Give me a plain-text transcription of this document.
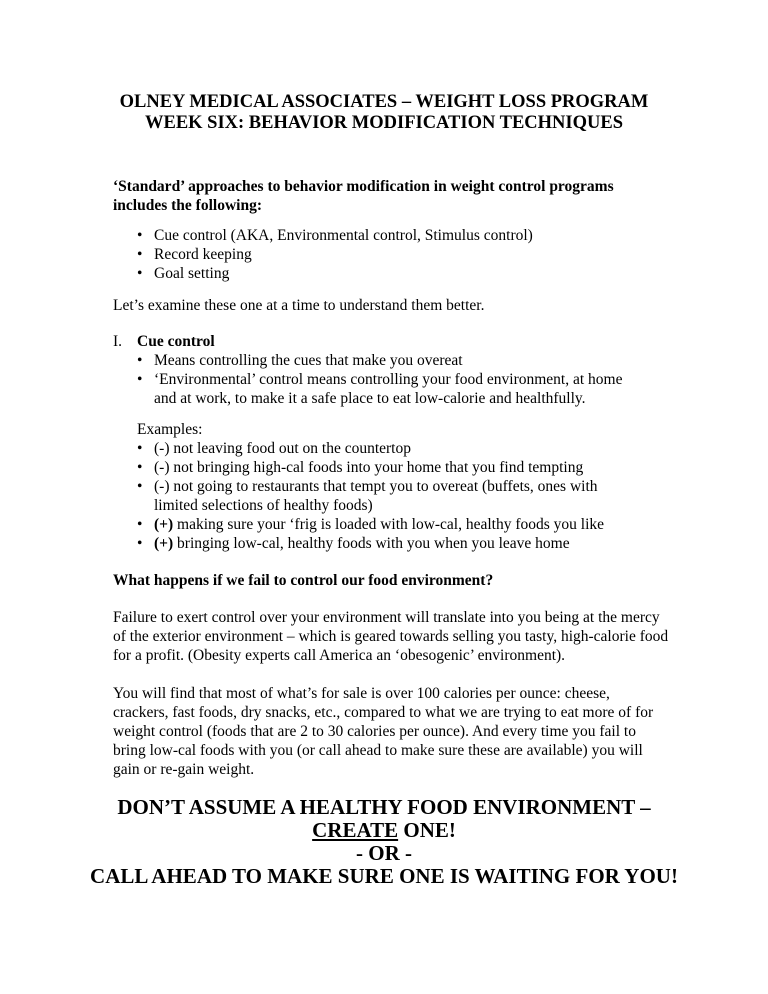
OLNEY MEDICAL ASSOCIATES – WEIGHT LOSS PROGRAM
WEEK SIX: BEHAVIOR MODIFICATION TECHNIQUES
‘Standard’ approaches to behavior modification in weight control programs
includes the following:
• Cue control (AKA, Environmental control, Stimulus control)
• Record keeping
• Goal setting
Let’s examine these one at a time to understand them better.
I. Cue control
• Means controlling the cues that make you overeat
• ‘Environmental’ control means controlling your food environment, at home
and at work, to make it a safe place to eat low-calorie and healthfully.
Examples:
• (-) not leaving food out on the countertop
• (-) not bringing high-cal foods into your home that you find tempting
• (-) not going to restaurants that tempt you to overeat (buffets, ones with
limited selections of healthy foods)
• (+) making sure your ‘frig is loaded with low-cal, healthy foods you like
• (+) bringing low-cal, healthy foods with you when you leave home
What happens if we fail to control our food environment?
Failure to exert control over your environment will translate into you being at the mercy
of the exterior environment – which is geared towards selling you tasty, high-calorie food
for a profit. (Obesity experts call America an ‘obesogenic’ environment).
You will find that most of what’s for sale is over 100 calories per ounce: cheese,
crackers, fast foods, dry snacks, etc., compared to what we are trying to eat more of for
weight control (foods that are 2 to 30 calories per ounce). And every time you fail to
bring low-cal foods with you (or call ahead to make sure these are available) you will
gain or re-gain weight.
DON’T ASSUME A HEALTHY FOOD ENVIRONMENT –
CREATE ONE!
- OR -
CALL AHEAD TO MAKE SURE ONE IS WAITING FOR YOU!
